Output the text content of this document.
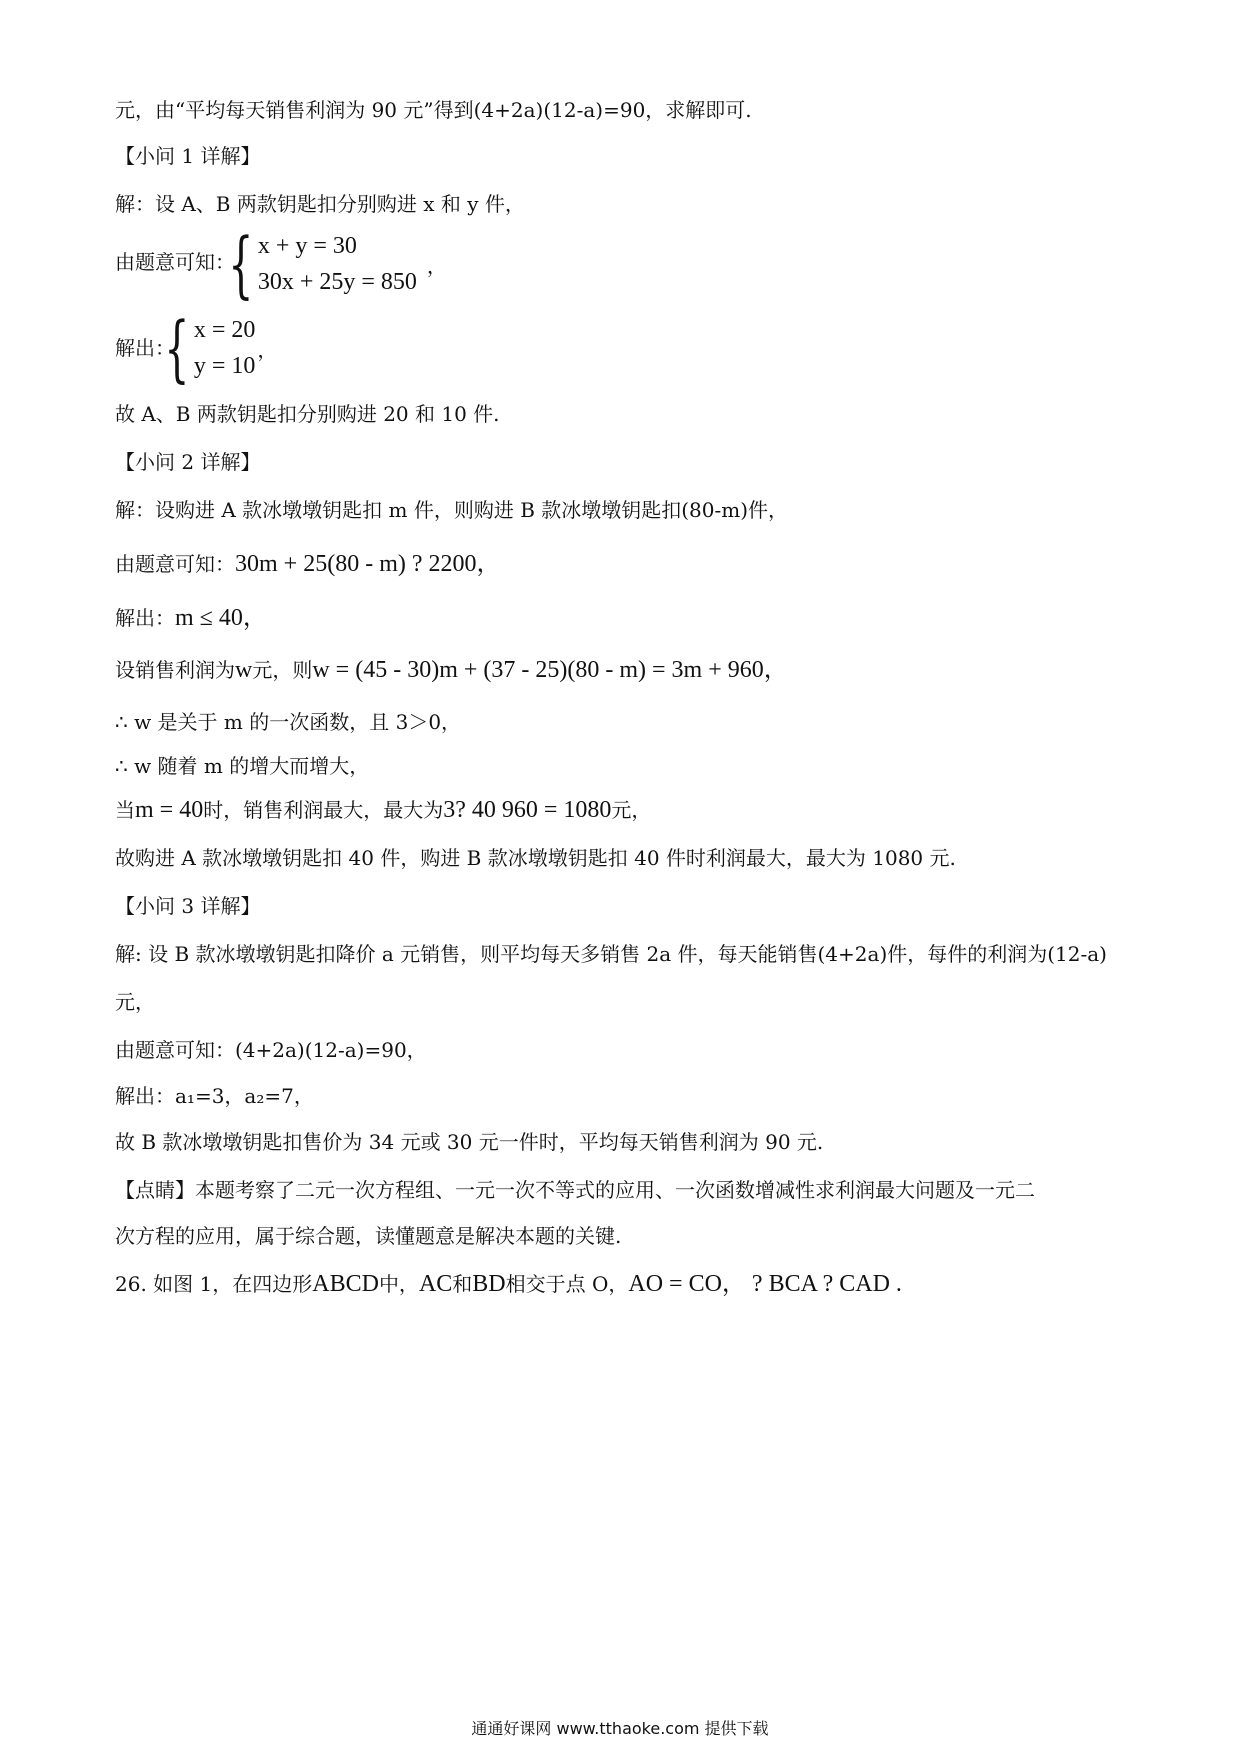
元，由“平均每天销售利润为 90 元”得到(4+2a)(12-a)=90，求解即可.
【小问 1 详解】
解：设 A、B 两款钥匙扣分别购进 x 和 y 件，
由题意可知：
{ x + y = 30
30x + 25y = 850
，
解出：
{ x = 20
y = 10
，
故 A、B 两款钥匙扣分别购进 20 和 10 件.
【小问 2 详解】
解：设购进 A 款冰墩墩钥匙扣 m 件，则购进 B 款冰墩墩钥匙扣(80-m)件，
由题意可知：30m + 25(80 - m) ? 2200，
解出：m ≤ 40，
设销售利润为w元，则w = (45 - 30)m + (37 - 25)(80 - m) = 3m + 960，
∴ w 是关于 m 的一次函数，且 3＞0，
∴ w 随着 m 的增大而增大，
当m = 40时，销售利润最大，最大为3? 40 960 = 1080元，
故购进 A 款冰墩墩钥匙扣 40 件，购进 B 款冰墩墩钥匙扣 40 件时利润最大，最大为 1080 元.
【小问 3 详解】
解: 设 B 款冰墩墩钥匙扣降价 a 元销售，则平均每天多销售 2a 件，每天能销售(4+2a)件，每件的利润为(12-a)
元，
由题意可知：(4+2a)(12-a)=90，
解出：a₁=3，a₂=7，
故 B 款冰墩墩钥匙扣售价为 34 元或 30 元一件时，平均每天销售利润为 90 元.
【点睛】本题考察了二元一次方程组、一元一次不等式的应用、一次函数增减性求利润最大问题及一元二
次方程的应用，属于综合题，读懂题意是解决本题的关键.
26. 如图 1，在四边形ABCD中，AC和BD相交于点 O，AO = CO， ? BCA ? CAD .
通通好课网 www.tthaoke.com 提供下载
